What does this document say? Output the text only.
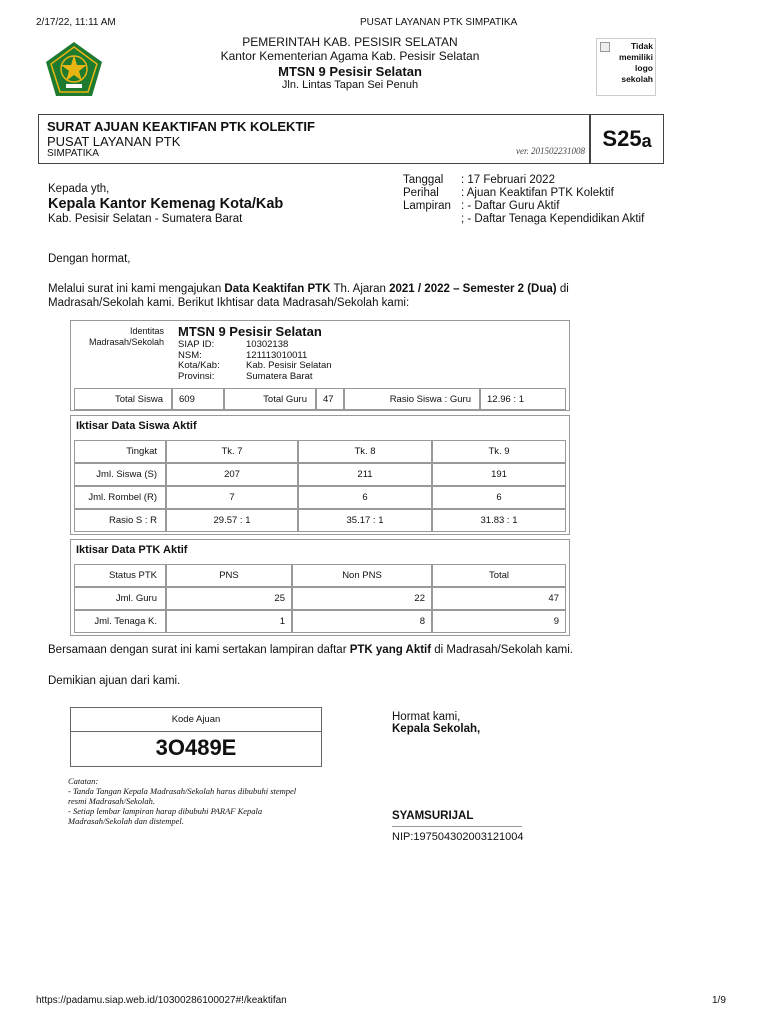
2/17/22, 11:11 AM	PUSAT LAYANAN PTK SIMPATIKA
PEMERINTAH KAB. PESISIR SELATAN
Kantor Kementerian Agama Kab. Pesisir Selatan
MTSN 9 Pesisir Selatan
Jln. Lintas Tapan Sei Penuh
Tidak memiliki logo sekolah
SURAT AJUAN KEAKTIFAN PTK KOLEKTIF
PUSAT LAYANAN PTK
SIMPATIKA	ver. 201502231008 S25 a
Kepada yth,
Kepala Kantor Kemenag Kota/Kab
Kab. Pesisir Selatan - Sumatera Barat
Tanggal : 17 Februari 2022
Perihal : Ajuan Keaktifan PTK Kolektif
Lampiran : - Daftar Guru Aktif
; - Daftar Tenaga Kependidikan Aktif
Dengan hormat,
Melalui surat ini kami mengajukan Data Keaktifan PTK Th. Ajaran 2021 / 2022 – Semester 2 (Dua) di
Madrasah/Sekolah kami. Berikut Ikhtisar data Madrasah/Sekolah kami:
Identitas
Madrasah/Sekolah
MTSN 9 Pesisir Selatan
SIAP ID:	10302138
NSM:	121113010011
Kota/Kab:	Kab. Pesisir Selatan
Provinsi:	Sumatera Barat
Total Siswa	609	Total Guru	47	Rasio Siswa : Guru	12.96 : 1
Iktisar Data Siswa Aktif
Tingkat	Tk. 7	Tk. 8	Tk. 9
Jml. Siswa (S)	207	211	191
Jml. Rombel (R)	7	6	6
Rasio S : R	29.57 : 1	35.17 : 1	31.83 : 1
Iktisar Data PTK Aktif
Status PTK	PNS	Non PNS	Total
Jml. Guru	25	22	47
Jml. Tenaga K.	1	8	9
Bersamaan dengan surat ini kami sertakan lampiran daftar PTK yang Aktif di Madrasah/Sekolah kami.
Demikian ajuan dari kami.
Kode Ajuan
3O489E
Catatan:
- Tanda Tangan Kepala Madrasah/Sekolah harus dibubuhi stempel
resmi Madrasah/Sekolah.
- Setiap lembar lampiran harap dibubuhi PARAF Kepala
Madrasah/Sekolah dan distempel.
Hormat kami,
Kepala Sekolah,
SYAMSURIJAL
NIP:197504302003121004
https://padamu.siap.web.id/10300286100027#!/keaktifan	1/9
